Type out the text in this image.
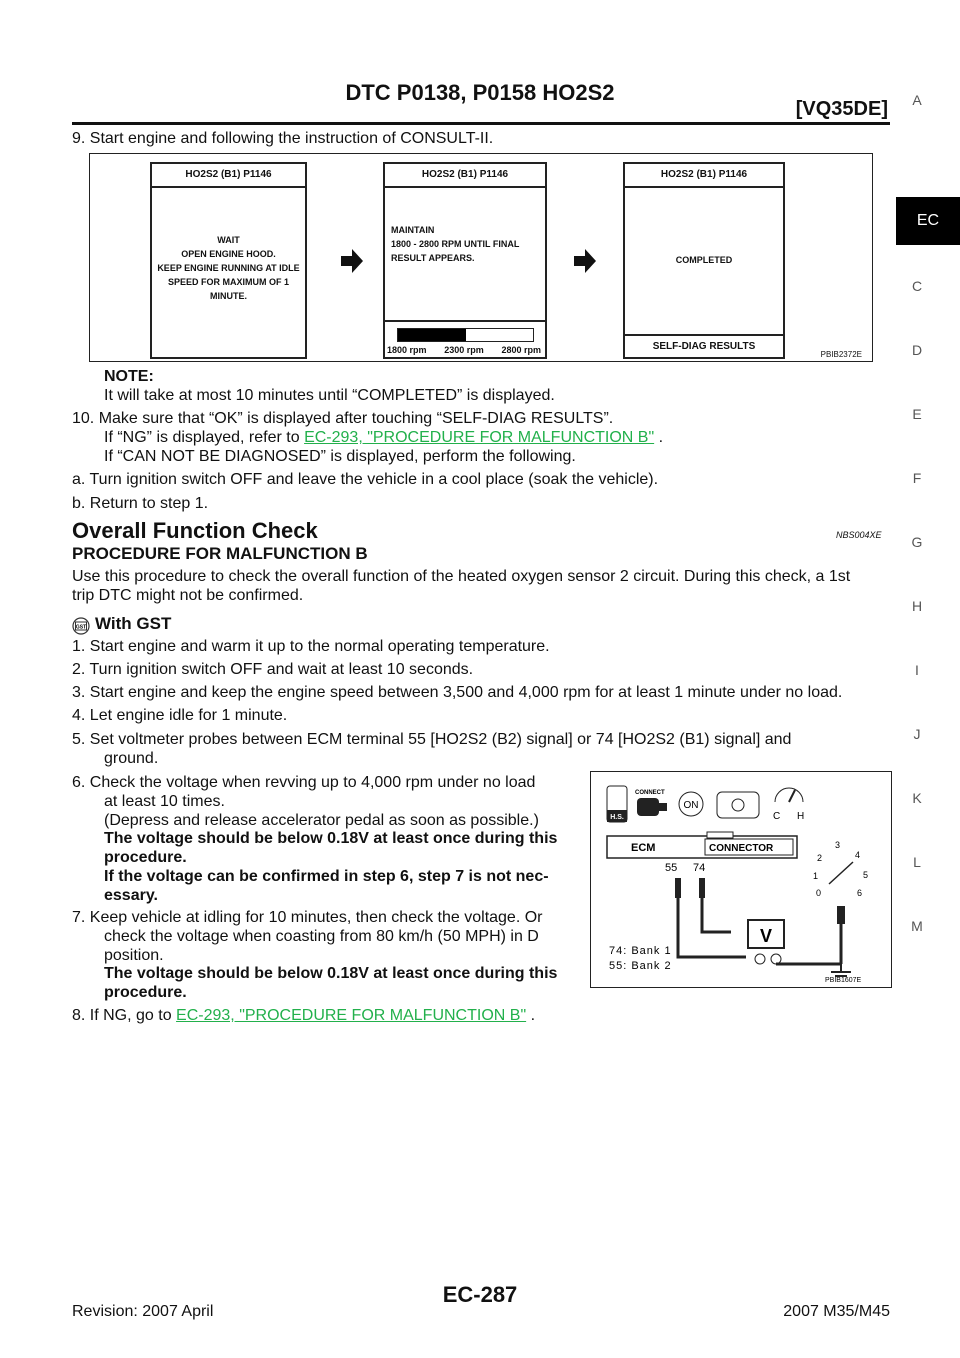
DTC P0138, P0158 HO2S2
[VQ35DE]	A
EC
C
D
E
F
G
H
I
J
K
L
M
9. Start engine and following the instruction of CONSULT-II.
HO2S2 (B1) P1146
WAIT
OPEN ENGINE HOOD.
KEEP ENGINE RUNNING AT IDLE
SPEED FOR MAXIMUM OF 1 MINUTE.
HO2S2 (B1) P1146
MAINTAIN
1800 - 2800 RPM UNTIL FINAL
RESULT APPEARS.
1800 rpm 2300 rpm 2800 rpm
HO2S2 (B1) P1146
COMPLETED
SELF-DIAG RESULTS
PBIB2372E
NOTE:
It will take at most 10 minutes until “COMPLETED” is displayed.
10. Make sure that “OK” is displayed after touching “SELF-DIAG RESULTS”.
If “NG” is displayed, refer to EC-293, "PROCEDURE FOR MALFUNCTION B" .
If “CAN NOT BE DIAGNOSED” is displayed, perform the following.
a. Turn ignition switch OFF and leave the vehicle in a cool place (soak the vehicle).
b. Return to step 1.
Overall Function Check	NBS004XE
PROCEDURE FOR MALFUNCTION B
Use this procedure to check the overall function of the heated oxygen sensor 2 circuit. During this check, a 1st
trip DTC might not be confirmed.
GST With GST
1. Start engine and warm it up to the normal operating temperature.
2. Turn ignition switch OFF and wait at least 10 seconds.
3. Start engine and keep the engine speed between 3,500 and 4,000 rpm for at least 1 minute under no load.
4. Let engine idle for 1 minute.
5. Set voltmeter probes between ECM terminal 55 [HO2S2 (B2) signal] or 74 [HO2S2 (B1) signal] and
ground.
6. Check the voltage when revving up to 4,000 rpm under no load
at least 10 times.
(Depress and release accelerator pedal as soon as possible.)
The voltage should be below 0.18V at least once during this
procedure.
If the voltage can be confirmed in step 6, step 7 is not nec-
essary.
7. Keep vehicle at idling for 10 minutes, then check the voltage. Or
check the voltage when coasting from 80 km/h (50 MPH) in D
position.
The voltage should be below 0.18V at least once during this
procedure.
8. If NG, go to EC-293, "PROCEDURE FOR MALFUNCTION B" .
H.S.
CONNECT
ON
C H
ECM	CONNECTOR
55 74
V
0
1
2
3
4
5
6
74: Bank 1
55: Bank 2
PBIB1607E
EC-287
Revision: 2007 April	2007 M35/M45
